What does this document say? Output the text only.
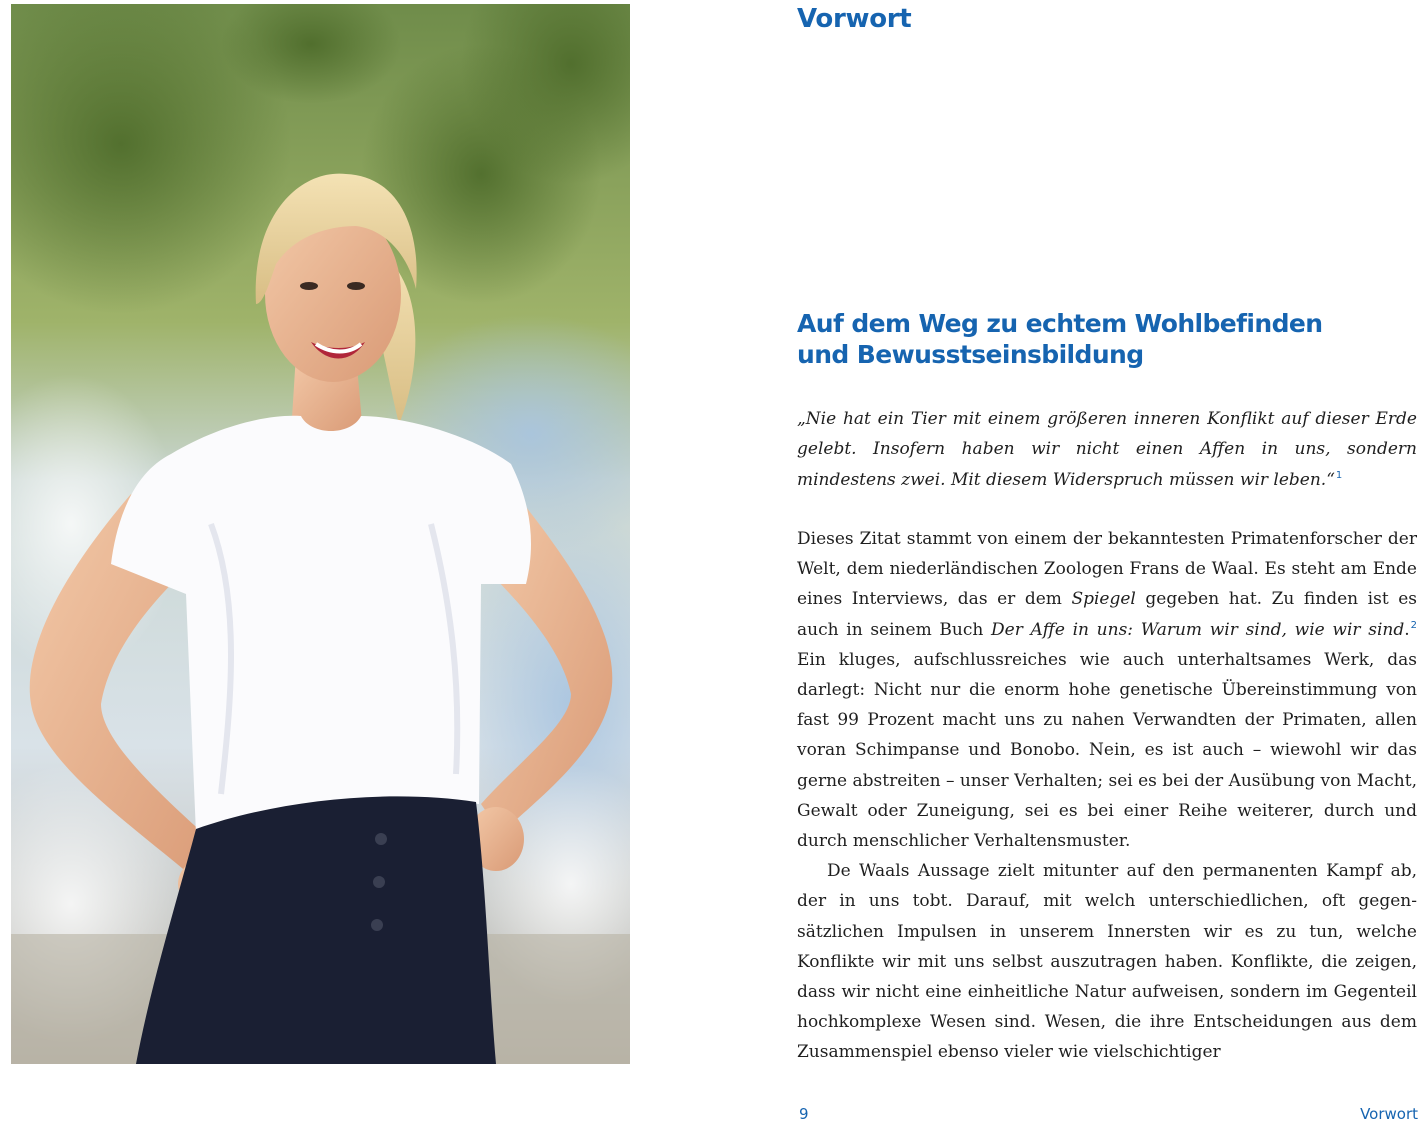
Vorwort
Auf dem Weg zu echtem Wohlbefinden
und Bewusstseinsbildung

„Nie hat ein Tier mit einem größeren inneren Konflikt auf dieser Erde gelebt. Insofern haben wir nicht einen Affen in uns, sondern mindestens zwei. Mit diesem Widerspruch müssen wir leben.“$^1$

Dieses Zitat stammt von einem der bekanntesten Primatenforscher der Welt, dem niederländischen Zoologen Frans de Waal. Es steht am Ende eines Interviews, das er dem Spiegel gegeben hat. Zu finden ist es auch in seinem Buch Der Affe in uns: Warum wir sind, wie wir sind.$^2$ Ein kluges, aufschlussreiches wie auch unterhaltsames Werk, das darlegt: Nicht nur die enorm hohe genetische Übereinstimmung von fast 99 Prozent macht uns zu nahen Verwandten der Primaten, allen voran Schimpanse und Bonobo. Nein, es ist auch – wiewohl wir das gerne abstreiten – unser Verhalten; sei es bei der Ausübung von Macht, Gewalt oder Zuneigung, sei es bei einer Reihe weiterer, durch und durch menschlicher Verhaltensmuster.

De Waals Aussage zielt mitunter auf den permanenten Kampf ab, der in uns tobt. Darauf, mit welch unterschiedlichen, oft gegensätzlichen Impulsen in unserem Innersten wir es zu tun, welche Konflikte wir mit uns selbst auszutragen haben. Konflikte, die zeigen, dass wir nicht eine einheitliche Natur aufweisen, sondern im Gegenteil hochkomplexe Wesen sind. Wesen, die ihre Entscheidungen aus dem Zusammenspiel ebenso vieler wie vielschichtiger

9	Vorwort
